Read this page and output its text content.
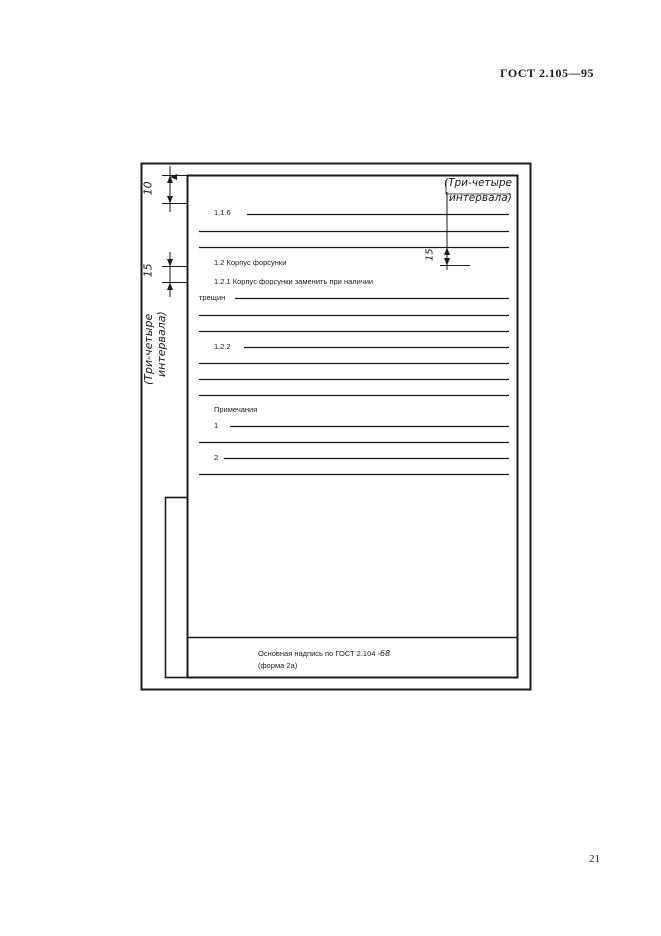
ГОСТ 2.105—95
21
10
15
15
(Три-четыре
интервала)
(Три-четыре интервала)
1.1.6
1.2 Корпус форсунки
1.2.1 Корпус форсунки заменить при наличии
трещин
1.2.2
Примечания
1
2
Основная надпись по ГОСТ 2.104 -68
(форма 2а)
